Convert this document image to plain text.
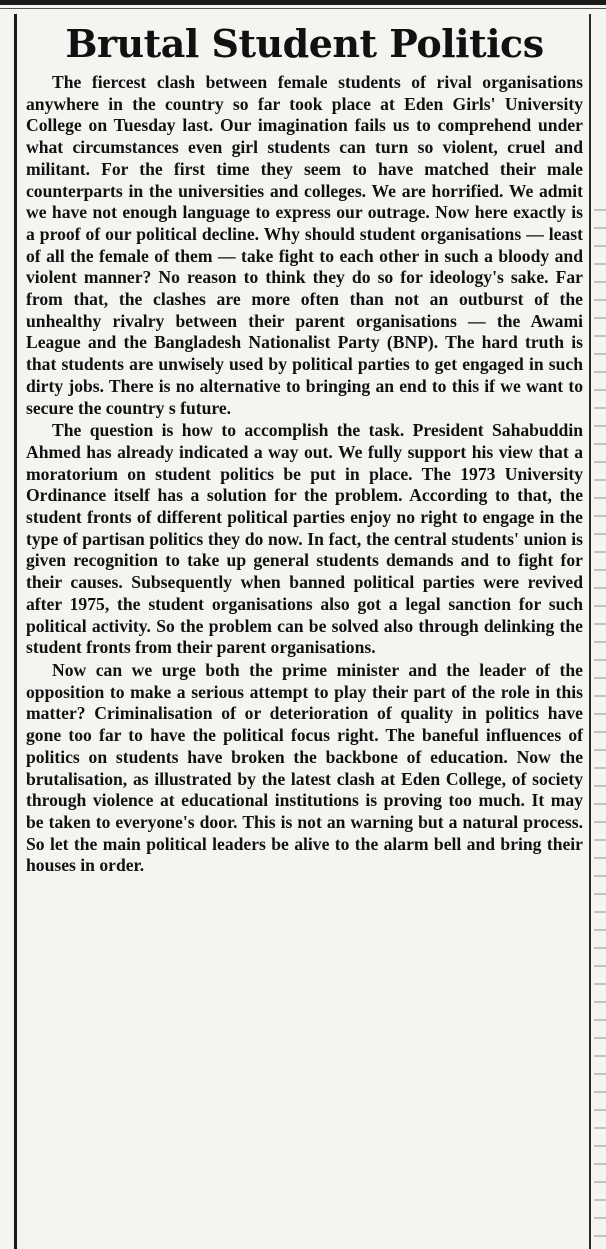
Brutal Student Politics

The fiercest clash between female students of rival organisations anywhere in the country so far took place at Eden Girls' University College on Tuesday last. Our imagination fails us to comprehend under what circumstances even girl students can turn so violent, cruel and militant. For the first time they seem to have matched their male counterparts in the universities and colleges. We are horrified. We admit we have not enough language to express our outrage. Now here exactly is a proof of our political decline. Why should student organisations — least of all the female of them — take fight to each other in such a bloody and violent manner? No reason to think they do so for ideology's sake. Far from that, the clashes are more often than not an outburst of the unhealthy rivalry between their parent organisations — the Awami League and the Bangladesh Nationalist Party (BNP). The hard truth is that students are unwisely used by political parties to get engaged in such dirty jobs. There is no alternative to bringing an end to this if we want to secure the country s future.

The question is how to accomplish the task. President Sahabuddin Ahmed has already indicated a way out. We fully support his view that a moratorium on student politics be put in place. The 1973 University Ordinance itself has a solution for the problem. According to that, the student fronts of different political parties enjoy no right to engage in the type of partisan politics they do now. In fact, the central students' union is given recognition to take up general students demands and to fight for their causes. Subsequently when banned political parties were revived after 1975, the student organisations also got a legal sanction for such political activity. So the problem can be solved also through delinking the student fronts from their parent organisations.

Now can we urge both the prime minister and the leader of the opposition to make a serious attempt to play their part of the role in this matter? Criminalisation of or deterioration of quality in politics have gone too far to have the political focus right. The baneful influences of politics on students have broken the backbone of education. Now the brutalisation, as illustrated by the latest clash at Eden College, of society through violence at educational institutions is proving too much. It may be taken to everyone's door. This is not an warning but a natural process. So let the main political leaders be alive to the alarm bell and bring their houses in order.
